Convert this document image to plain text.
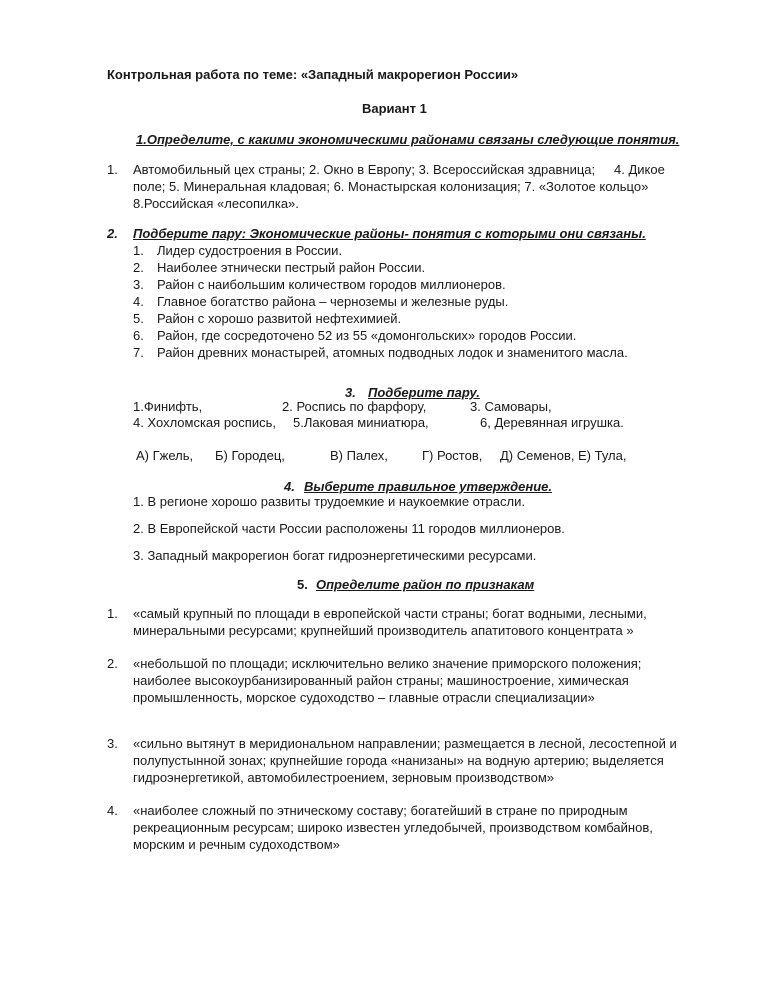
Контрольная работа по теме: «Западный макрорегион России»
Вариант 1
1.Определите, с какими экономическими районами связаны следующие понятия.
1. Автомобильный цех страны; 2. Окно в Европу; 3. Всероссийская здравница; 4. Дикое
поле; 5. Минеральная кладовая; 6. Монастырская колонизация; 7. «Золотое кольцо»
8.Российская «лесопилка».
2. Подберите пару: Экономические районы- понятия с которыми они связаны.
1. Лидер судостроения в России.
2. Наиболее этнически пестрый район России.
3. Район с наибольшим количеством городов миллионеров.
4. Главное богатство района – черноземы и железные руды.
5. Район с хорошо развитой нефтехимией.
6. Район, где сосредоточено 52 из 55 «домонгольских» городов России.
7. Район древних монастырей, атомных подводных лодок и знаменитого масла.
3. Подберите пару.
1.Финифть,	2. Роспись по фарфору,	3. Самовары,
4. Хохломская роспись, 5.Лаковая миниатюра,	6, Деревянная игрушка.
А) Гжель, Б) Городец,	В) Палех,	Г) Ростов, Д) Семенов, Е) Тула,
4. Выберите правильное утверждение.
1. В регионе хорошо развиты трудоемкие и наукоемкие отрасли.
2. В Европейской части России расположены 11 городов миллионеров.
3. Западный макрорегион богат гидроэнергетическими ресурсами.
5. Определите район по признакам
1. «самый крупный по площади в европейской части страны; богат водными, лесными,
минеральными ресурсами; крупнейший производитель апатитового концентрата »
2. «небольшой по площади; исключительно велико значение приморского положения;
наиболее высокоурбанизированный район страны; машиностроение, химическая
промышленность, морское судоходство – главные отрасли специализации»
3. «сильно вытянут в меридиональном направлении; размещается в лесной, лесостепной и
полупустынной зонах; крупнейшие города «нанизаны» на водную артерию; выделяется
гидроэнергетикой, автомобилестроением, зерновым производством»
4. «наиболее сложный по этническому составу; богатейший в стране по природным
рекреационным ресурсам; широко известен угледобычей, производством комбайнов,
морским и речным судоходством»
